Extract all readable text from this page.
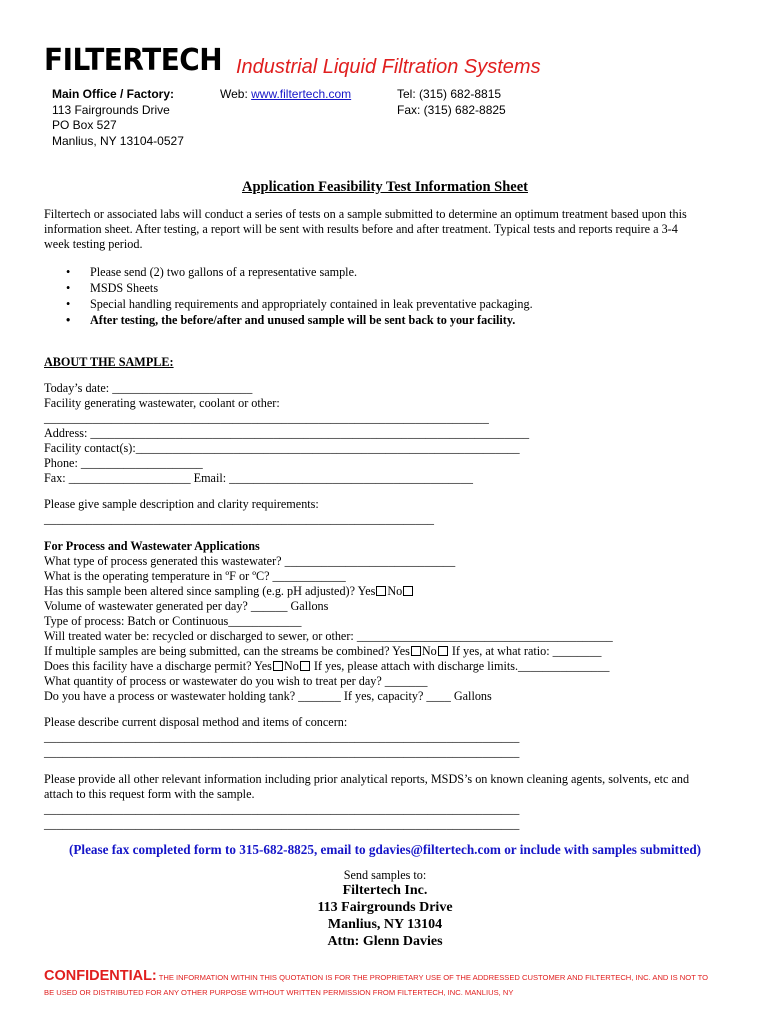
FILTERTECH Industrial Liquid Filtration Systems
Main Office / Factory:
113 Fairgrounds Drive
PO Box 527
Manlius, NY 13104-0527
Web: www.filtertech.com	Tel: (315) 682-8815
Fax: (315) 682-8825
Application Feasibility Test Information Sheet
Filtertech or associated labs will conduct a series of tests on a sample submitted to determine an optimum treatment based upon this
information sheet. After testing, a report will be sent with results before and after treatment. Typical tests and reports require a 3-4
week testing period.
• Please send (2) two gallons of a representative sample.
• MSDS Sheets
• Special handling requirements and appropriately contained in leak preventative packaging.
• After testing, the before/after and unused sample will be sent back to your facility.
ABOUT THE SAMPLE:
Today’s date: _______________________
Facility generating wastewater, coolant or other:
_________________________________________________________________________
Address: ________________________________________________________________________
Facility contact(s):_______________________________________________________________
Phone: ____________________
Fax: ____________________ Email: ________________________________________
Please give sample description and clarity requirements:
________________________________________________________________
For Process and Wastewater Applications
What type of process generated this wastewater? ____________________________
What is the operating temperature in ºF or ºC? ____________
Has this sample been altered since sampling (e.g. pH adjusted)? Yes No
Volume of wastewater generated per day? ______ Gallons
Type of process: Batch or Continuous____________
Will treated water be: recycled or discharged to sewer, or other: __________________________________________
If multiple samples are being submitted, can the streams be combined? Yes No If yes, at what ratio: ________
Does this facility have a discharge permit? Yes No If yes, please attach with discharge limits._______________
What quantity of process or wastewater do you wish to treat per day? _______
Do you have a process or wastewater holding tank? _______ If yes, capacity? ____ Gallons
Please describe current disposal method and items of concern:
______________________________________________________________________________
______________________________________________________________________________
Please provide all other relevant information including prior analytical reports, MSDS’s on known cleaning agents, solvents, etc and
attach to this request form with the sample.
______________________________________________________________________________
______________________________________________________________________________
(Please fax completed form to 315-682-8825, email to gdavies@filtertech.com or include with samples submitted)
Send samples to:
Filtertech Inc.
113 Fairgrounds Drive
Manlius, NY 13104
Attn: Glenn Davies
CONFIDENTIAL: THE INFORMATION WITHIN THIS QUOTATION IS FOR THE PROPRIETARY USE OF THE ADDRESSED CUSTOMER AND FILTERTECH, INC. AND IS NOT TO
BE USED OR DISTRIBUTED FOR ANY OTHER PURPOSE WITHOUT WRITTEN PERMISSION FROM FILTERTECH, INC. MANLIUS, NY
